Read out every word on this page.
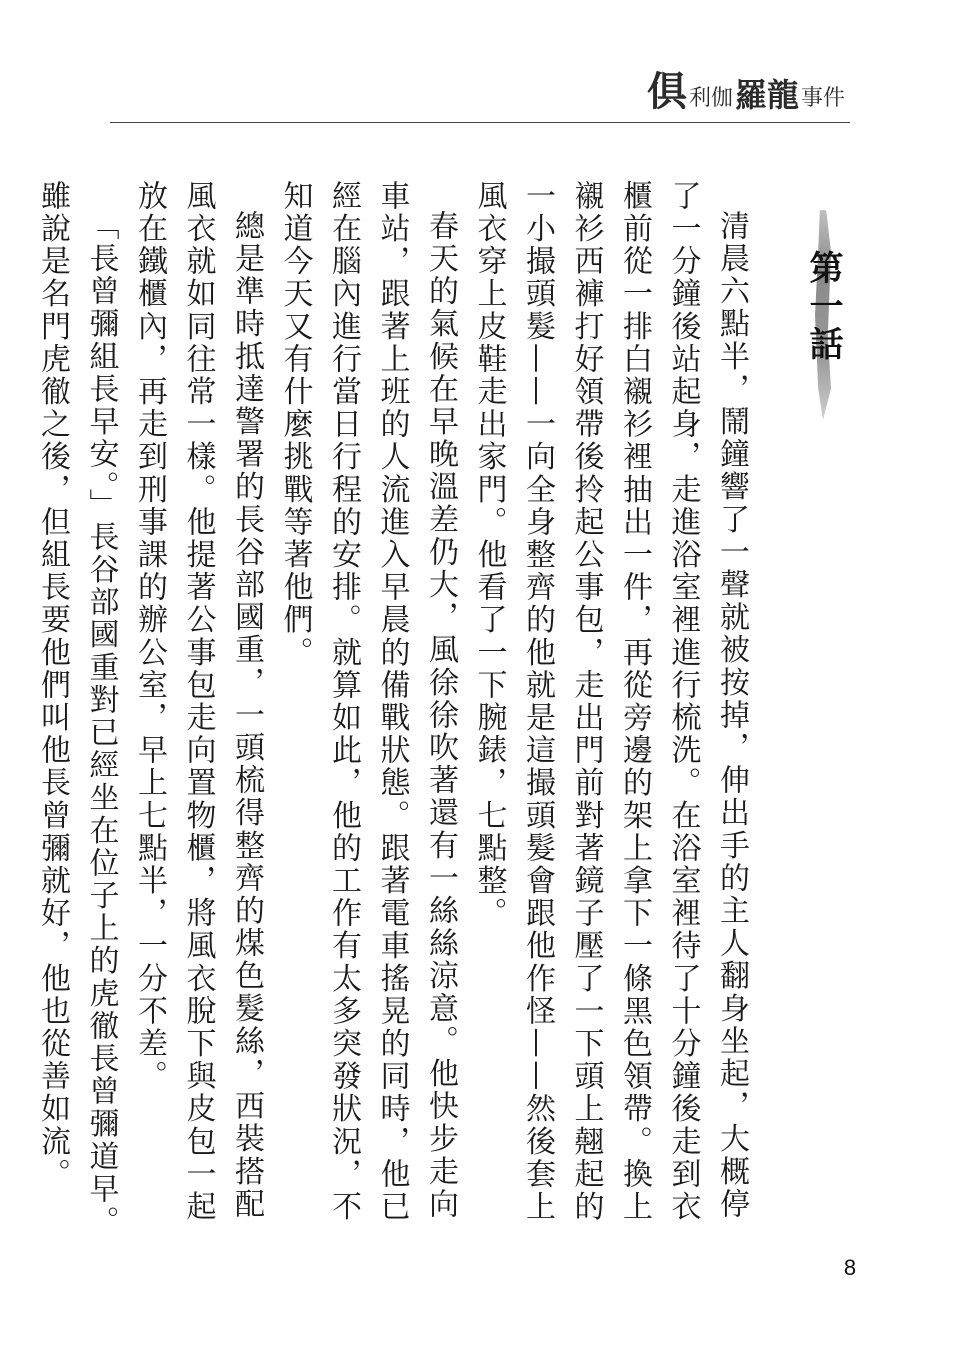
俱 利伽 羅龍 事件
第一話

清晨六點半，鬧鐘響了一聲就被按掉，伸出手的主人翻身坐起，大概停了一分鐘後站起身，走進浴室裡進行梳洗。在浴室裡待了十分鐘後走到衣櫃前從一排白襯衫裡抽出一件，再從旁邊的架上拿下一條黑色領帶。換上襯衫西褲打好領帶後拎起公事包，走出門前對著鏡子壓了一下頭上翹起的一小撮頭髮——一向全身整齊的他就是這撮頭髮會跟他作怪——然後套上風衣穿上皮鞋走出家門。他看了一下腕錶，七點整。

春天的氣候在早晚溫差仍大，風徐徐吹著還有一絲絲涼意。他快步走向車站，跟著上班的人流進入早晨的備戰狀態。跟著電車搖晃的同時，他已經在腦內進行當日行程的安排。就算如此，他的工作有太多突發狀況，不知道今天又有什麼挑戰等著他們。

總是準時抵達警署的長谷部國重，一頭梳得整齊的煤色髮絲，西裝搭配風衣就如同往常一樣。他提著公事包走向置物櫃，將風衣脫下與皮包一起放在鐵櫃內，再走到刑事課的辦公室，早上七點半，一分不差。

「長曾彌組長早安。」長谷部國重對已經坐在位子上的虎徹長曾彌道早。雖說是名門虎徹之後，但組長要他們叫他長曾彌就好，他也從善如流。

8
